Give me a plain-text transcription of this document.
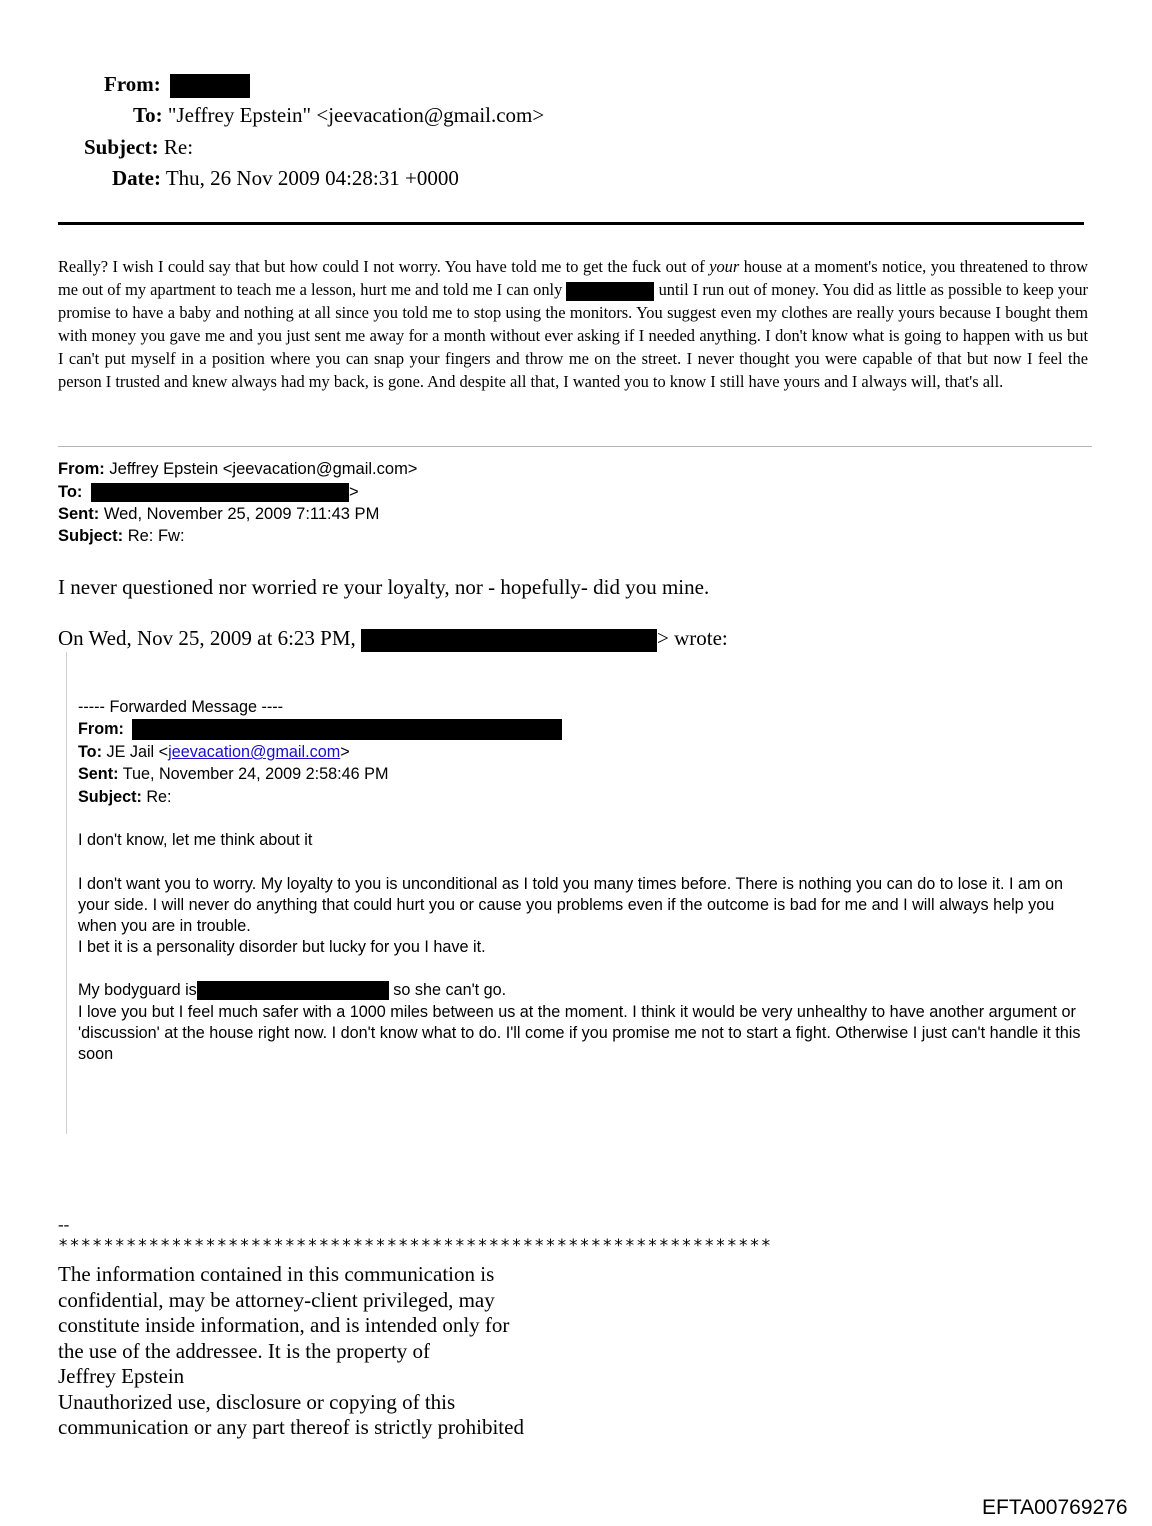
From:
To: "Jeffrey Epstein" <jeevacation@gmail.com>
Subject: Re:
Date: Thu, 26 Nov 2009 04:28:31 +0000
Really? I wish I could say that but how could I not worry. You have told me to get the fuck out of your house at a moment's notice, you threatened to throw me out of my apartment to teach me a lesson, hurt me and told me I can only	until I run out of money. You did as little as possible to keep your promise to have a baby and nothing at all since you told me to stop using the monitors. You suggest even my clothes are really yours because I bought them with money you gave me and you just sent me away for a month without ever asking if I needed anything. I don't know what is going to happen with us but I can't put myself in a position where you can snap your fingers and throw me on the street. I never thought you were capable of that but now I feel the person I trusted and knew always had my back, is gone. And despite all that, I wanted you to know I still have yours and I always will, that's all.
From: Jeffrey Epstein <jeevacation@gmail.com>
To:	>
Sent: Wed, November 25, 2009 7:11:43 PM
Subject: Re: Fw:
I never questioned nor worried re your loyalty, nor - hopefully- did you mine.
On Wed, Nov 25, 2009 at 6:23 PM,	> wrote:
----- Forwarded Message ----
From:
To: JE Jail <jeevacation@gmail.com>
Sent: Tue, November 24, 2009 2:58:46 PM
Subject: Re:
I don't know, let me think about it
I don't want you to worry. My loyalty to you is unconditional as I told you many times before. There is nothing you can do to lose it. I am on your side. I will never do anything that could hurt you or cause you problems even if the outcome is bad for me and I will always help you when you are in trouble.
I bet it is a personality disorder but lucky for you I have it.
My bodyguard is	so she can't go.
I love you but I feel much safer with a 1000 miles between us at the moment. I think it would be very unhealthy to have another argument or 'discussion' at the house right now. I don't know what to do. I'll come if you promise me not to start a fight. Otherwise I just can't handle it this soon
--
***************************************************************
The information contained in this communication is
confidential, may be attorney-client privileged, may
constitute inside information, and is intended only for
the use of the addressee. It is the property of
Jeffrey Epstein
Unauthorized use, disclosure or copying of this
communication or any part thereof is strictly prohibited
EFTA00769276
